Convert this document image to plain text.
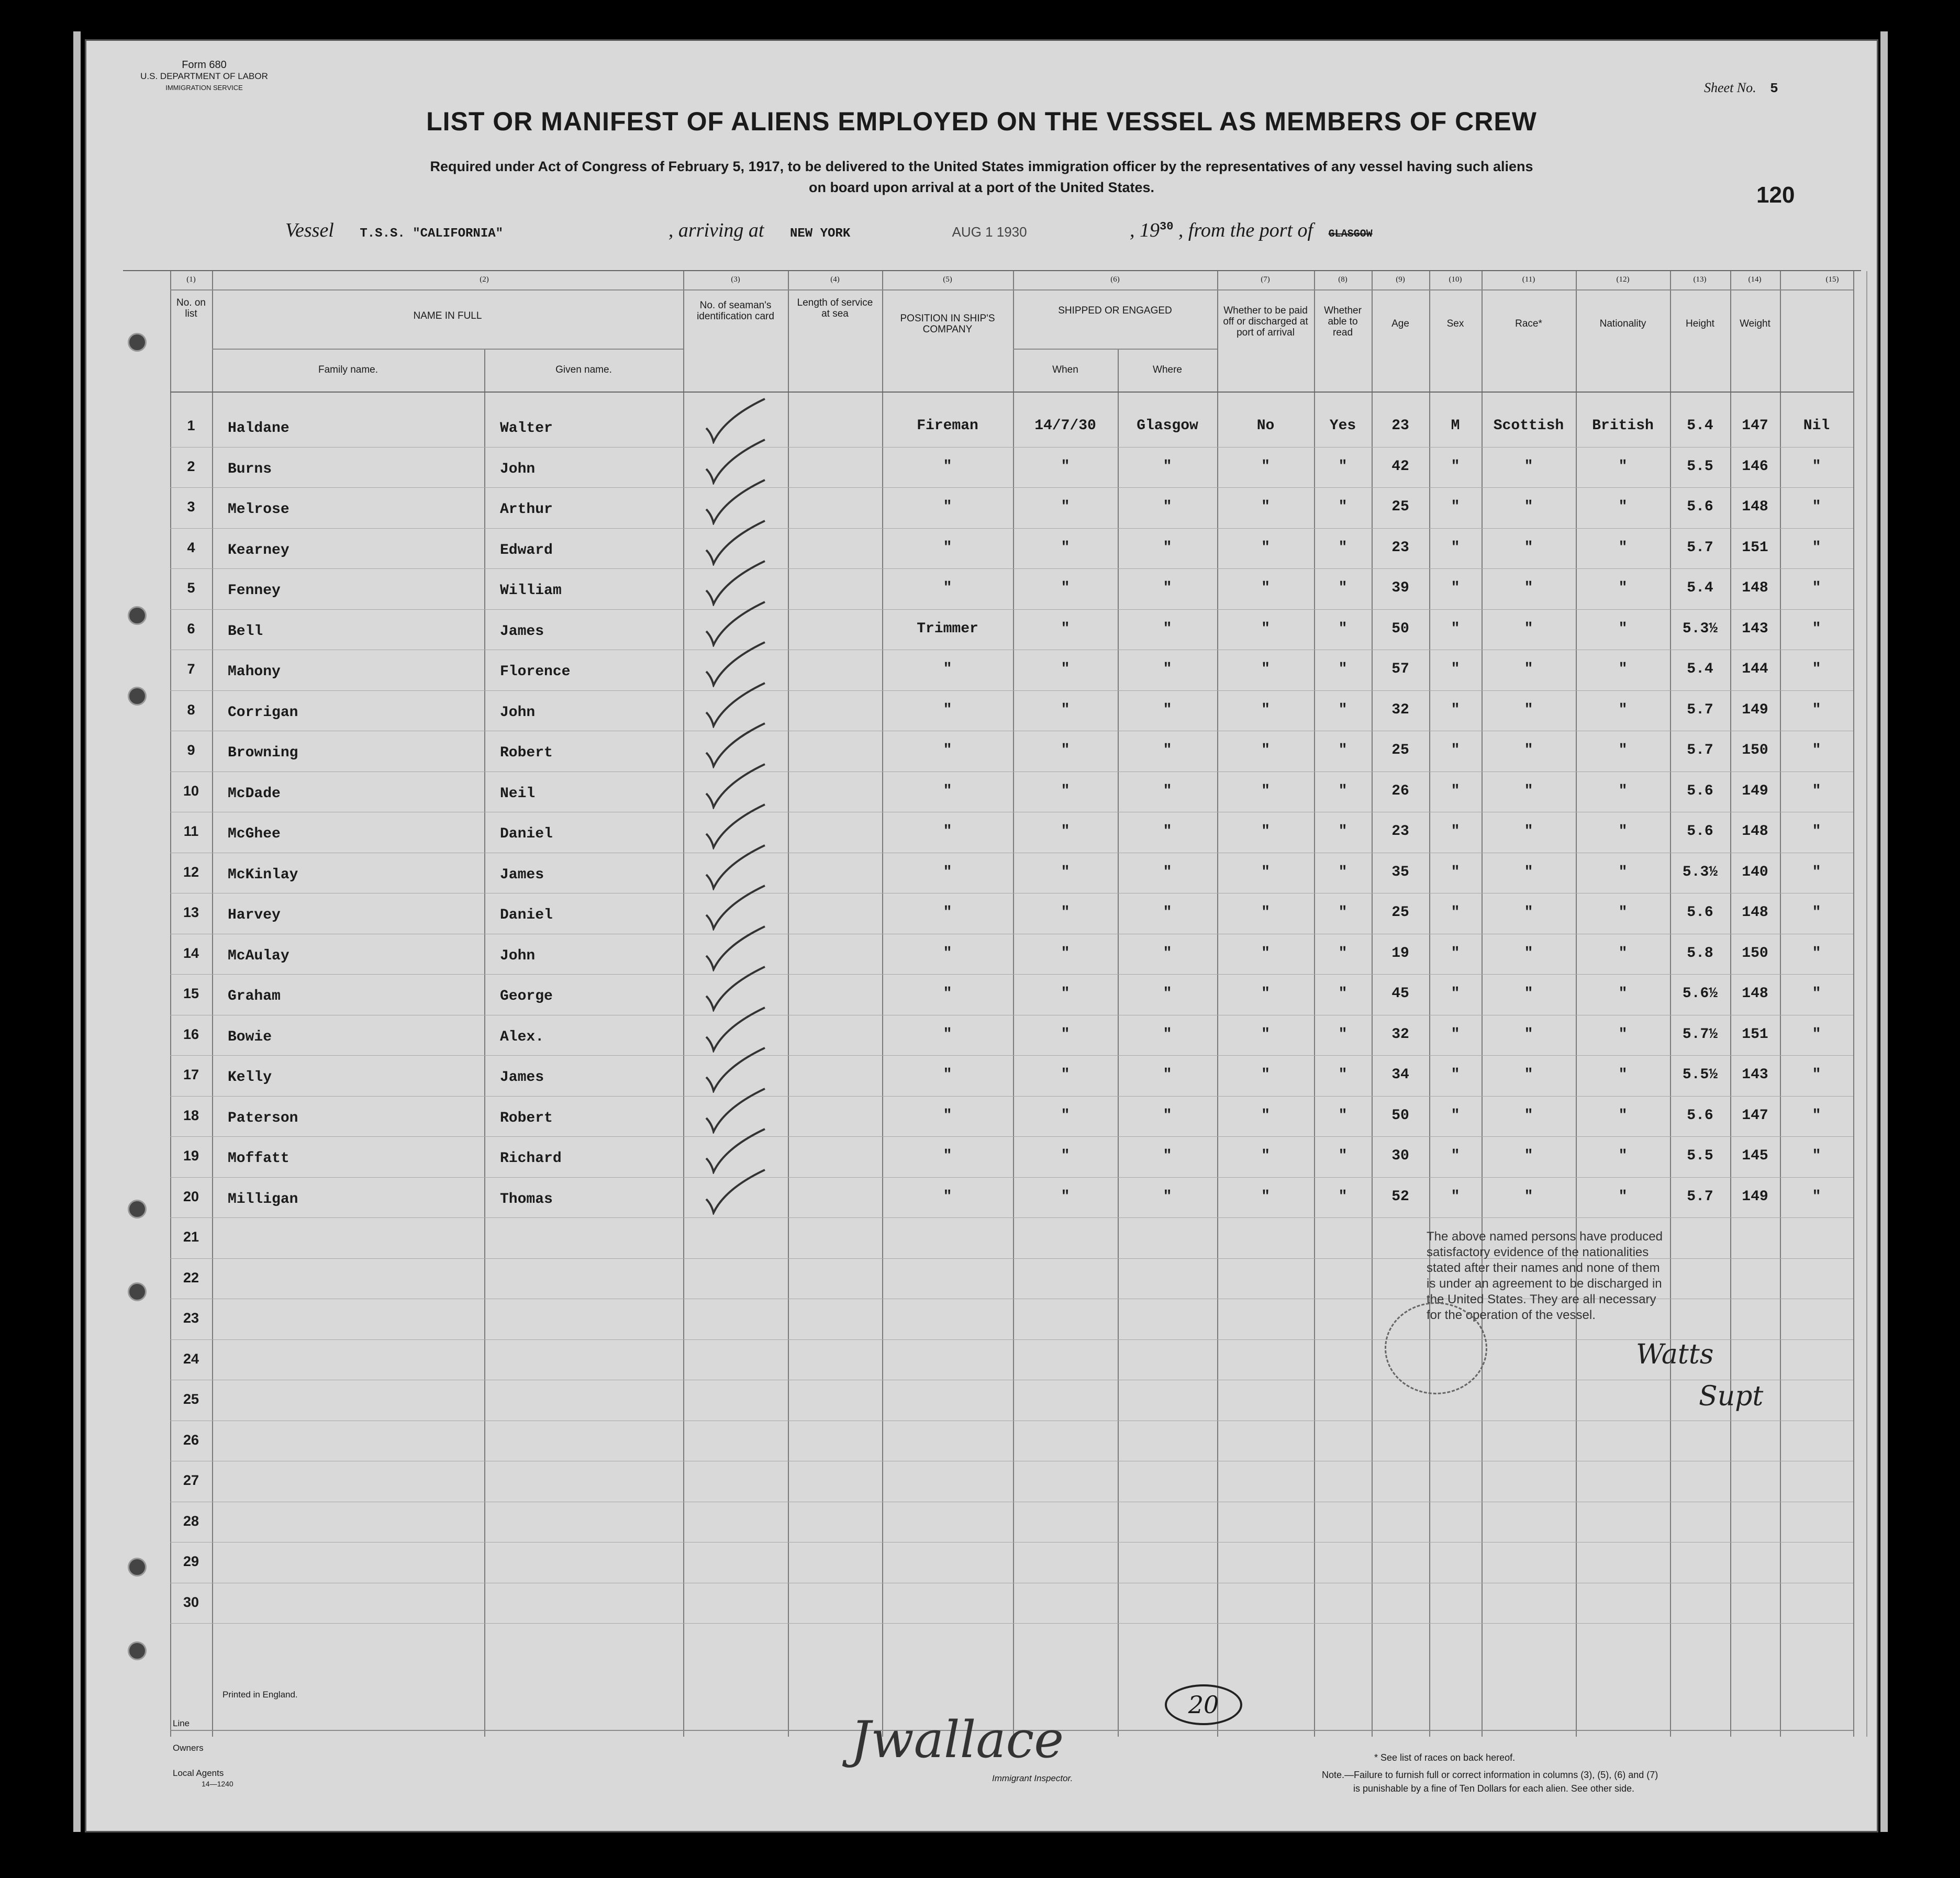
Form 680
U.S. DEPARTMENT OF LABOR
IMMIGRATION SERVICE	Sheet No. 5
LIST OR MANIFEST OF ALIENS EMPLOYED ON THE VESSEL AS MEMBERS OF CREW
Required under Act of Congress of February 5, 1917, to be delivered to the United States immigration officer by the representatives of any vessel having such aliens
on board upon arrival at a port of the United States.	120
Vessel T.S.S. "CALIFORNIA"	, arriving at NEW YORK	AUG 1 1930	, $19^{30}$ , from the port of GLASGOW
(1)	(2)	(3)	(4)	(5)	(6)	(7)	(8)	(9)	(10)	(11)	(12)	(13)	(14)	(15)
No. on list	NAME IN FULL
Family name.	Given name.
No. of seaman's identification card
Length of service at sea	POSITION IN SHIP'S COMPANY
SHIPPED OR ENGAGED
When	Where
Whether to be paid off or discharged at port of arrival
Whether able to read
Age	Sex	Race*	Nationality	Height	Weight
1	Haldane	Walter	Fireman	14/7/30	Glasgow	No	Yes	23	M	Scottish	British	5.4	147	Nil
2	Burns	John	"	"	"	"	"	42	"	"	"	5.5	146	"
3	Melrose	Arthur	"	"	"	"	"	25	"	"	"	5.6	148	"
4	Kearney	Edward	"	"	"	"	"	23	"	"	"	5.7	151	"
5	Fenney	William	"	"	"	"	"	39	"	"	"	5.4	148	"
6	Bell	James	Trimmer	"	"	"	"	50	"	"	"	5.3½	143	"
7	Mahony	Florence	"	"	"	"	"	57	"	"	"	5.4	144	"
8	Corrigan	John	"	"	"	"	"	32	"	"	"	5.7	149	"
9	Browning	Robert	"	"	"	"	"	25	"	"	"	5.7	150	"
10	McDade	Neil	"	"	"	"	"	26	"	"	"	5.6	149	"
11	McGhee	Daniel	"	"	"	"	"	23	"	"	"	5.6	148	"
12	McKinlay	James	"	"	"	"	"	35	"	"	"	5.3½	140	"
13	Harvey	Daniel	"	"	"	"	"	25	"	"	"	5.6	148	"
14	McAulay	John	"	"	"	"	"	19	"	"	"	5.8	150	"
15	Graham	George	"	"	"	"	"	45	"	"	"	5.6½	148	"
16	Bowie	Alex.	"	"	"	"	"	32	"	"	"	5.7½	151	"
17	Kelly	James	"	"	"	"	"	34	"	"	"	5.5½	143	"
18	Paterson	Robert	"	"	"	"	"	50	"	"	"	5.6	147	"
19	Moffatt	Richard	"	"	"	"	"	30	"	"	"	5.5	145	"
20	Milligan	Thomas	"	"	"	"	"	52	"	"	"	5.7	149	"
21
22
23
24
25
26
27
28
29
30
The above named persons have produced
satisfactory evidence of the nationalities
stated after their names and none of them
is under an agreement to be discharged in
the United States. They are all necessary
for the operation of the vessel.
Watts
Supt
Printed in England.
Line
Owners
Local Agents
14—1240
20
Jwallace
Immigrant Inspector.
* See list of races on back hereof.
Note.—Failure to furnish full or correct information in columns (3), (5), (6) and (7)
is punishable by a fine of Ten Dollars for each alien. See other side.
